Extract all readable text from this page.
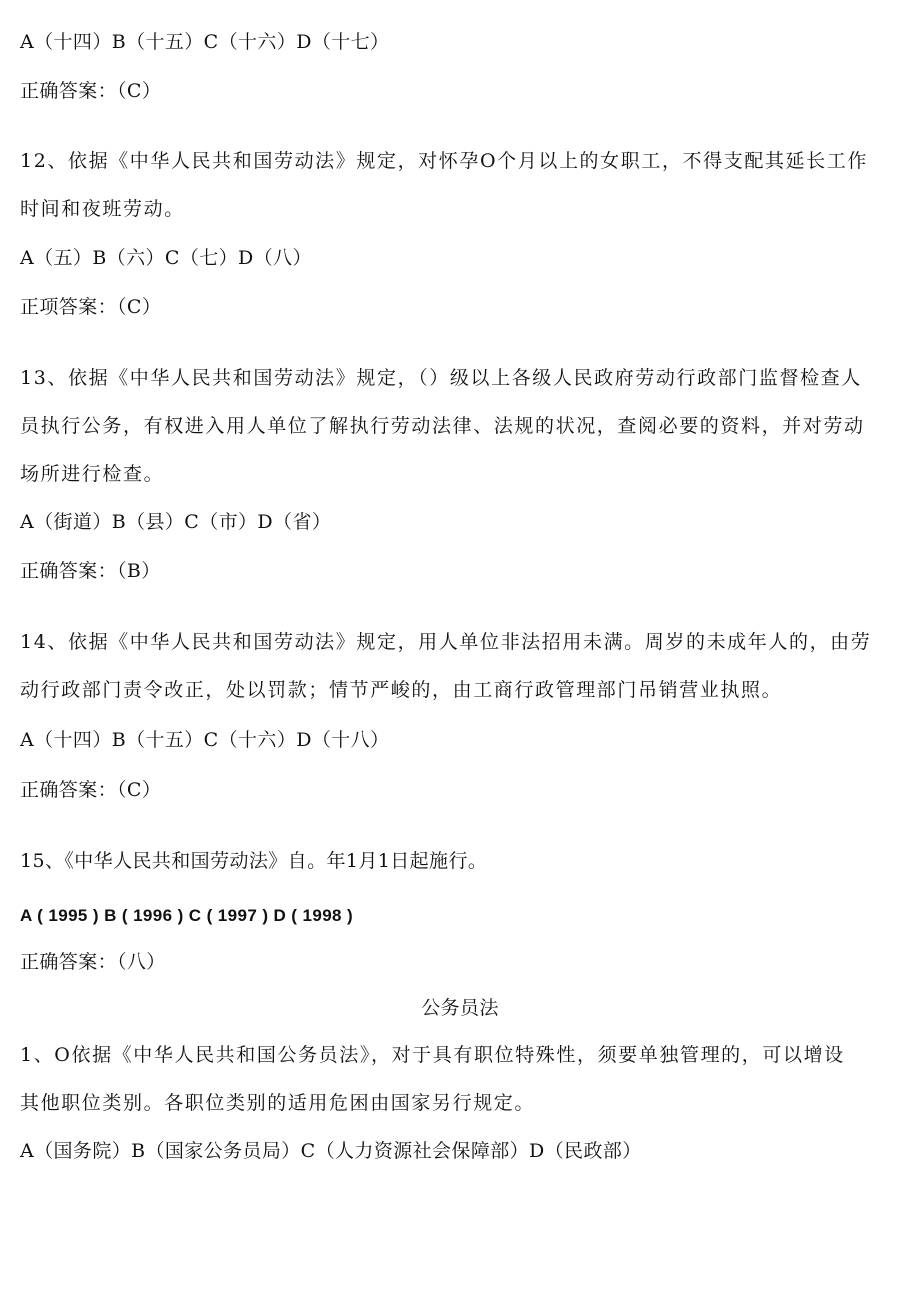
A（十四）B（十五）C（十六）D（十七）
正确答案：（C）
12、依据《中华人民共和国劳动法》规定，对怀孕O个月以上的女职工，不得支配其延长工作
时间和夜班劳动。
A（五）B（六）C（七）D（八）
正项答案：（C）
13、依据《中华人民共和国劳动法》规定，（）级以上各级人民政府劳动行政部门监督检查人
员执行公务，有权进入用人单位了解执行劳动法律、法规的状况，查阅必要的资料，并对劳动
场所进行检查。
A（街道）B（县）C（市）D（省）
正确答案：（B）
14、依据《中华人民共和国劳动法》规定，用人单位非法招用未满。周岁的未成年人的，由劳
动行政部门责令改正，处以罚款；情节严峻的，由工商行政管理部门吊销营业执照。
A（十四）B（十五）C（十六）D（十八）
正确答案：（C）
15、《中华人民共和国劳动法》自。年1月1日起施行。
A ( 1995 ) B ( 1996 ) C ( 1997 ) D ( 1998 )
正确答案：（八）
公务员法
1、O依据《中华人民共和国公务员法》，对于具有职位特殊性，须要单独管理的，可以增设
其他职位类别。各职位类别的适用危困由国家另行规定。
A（国务院）B（国家公务员局）C（人力资源社会保障部）D（民政部）
